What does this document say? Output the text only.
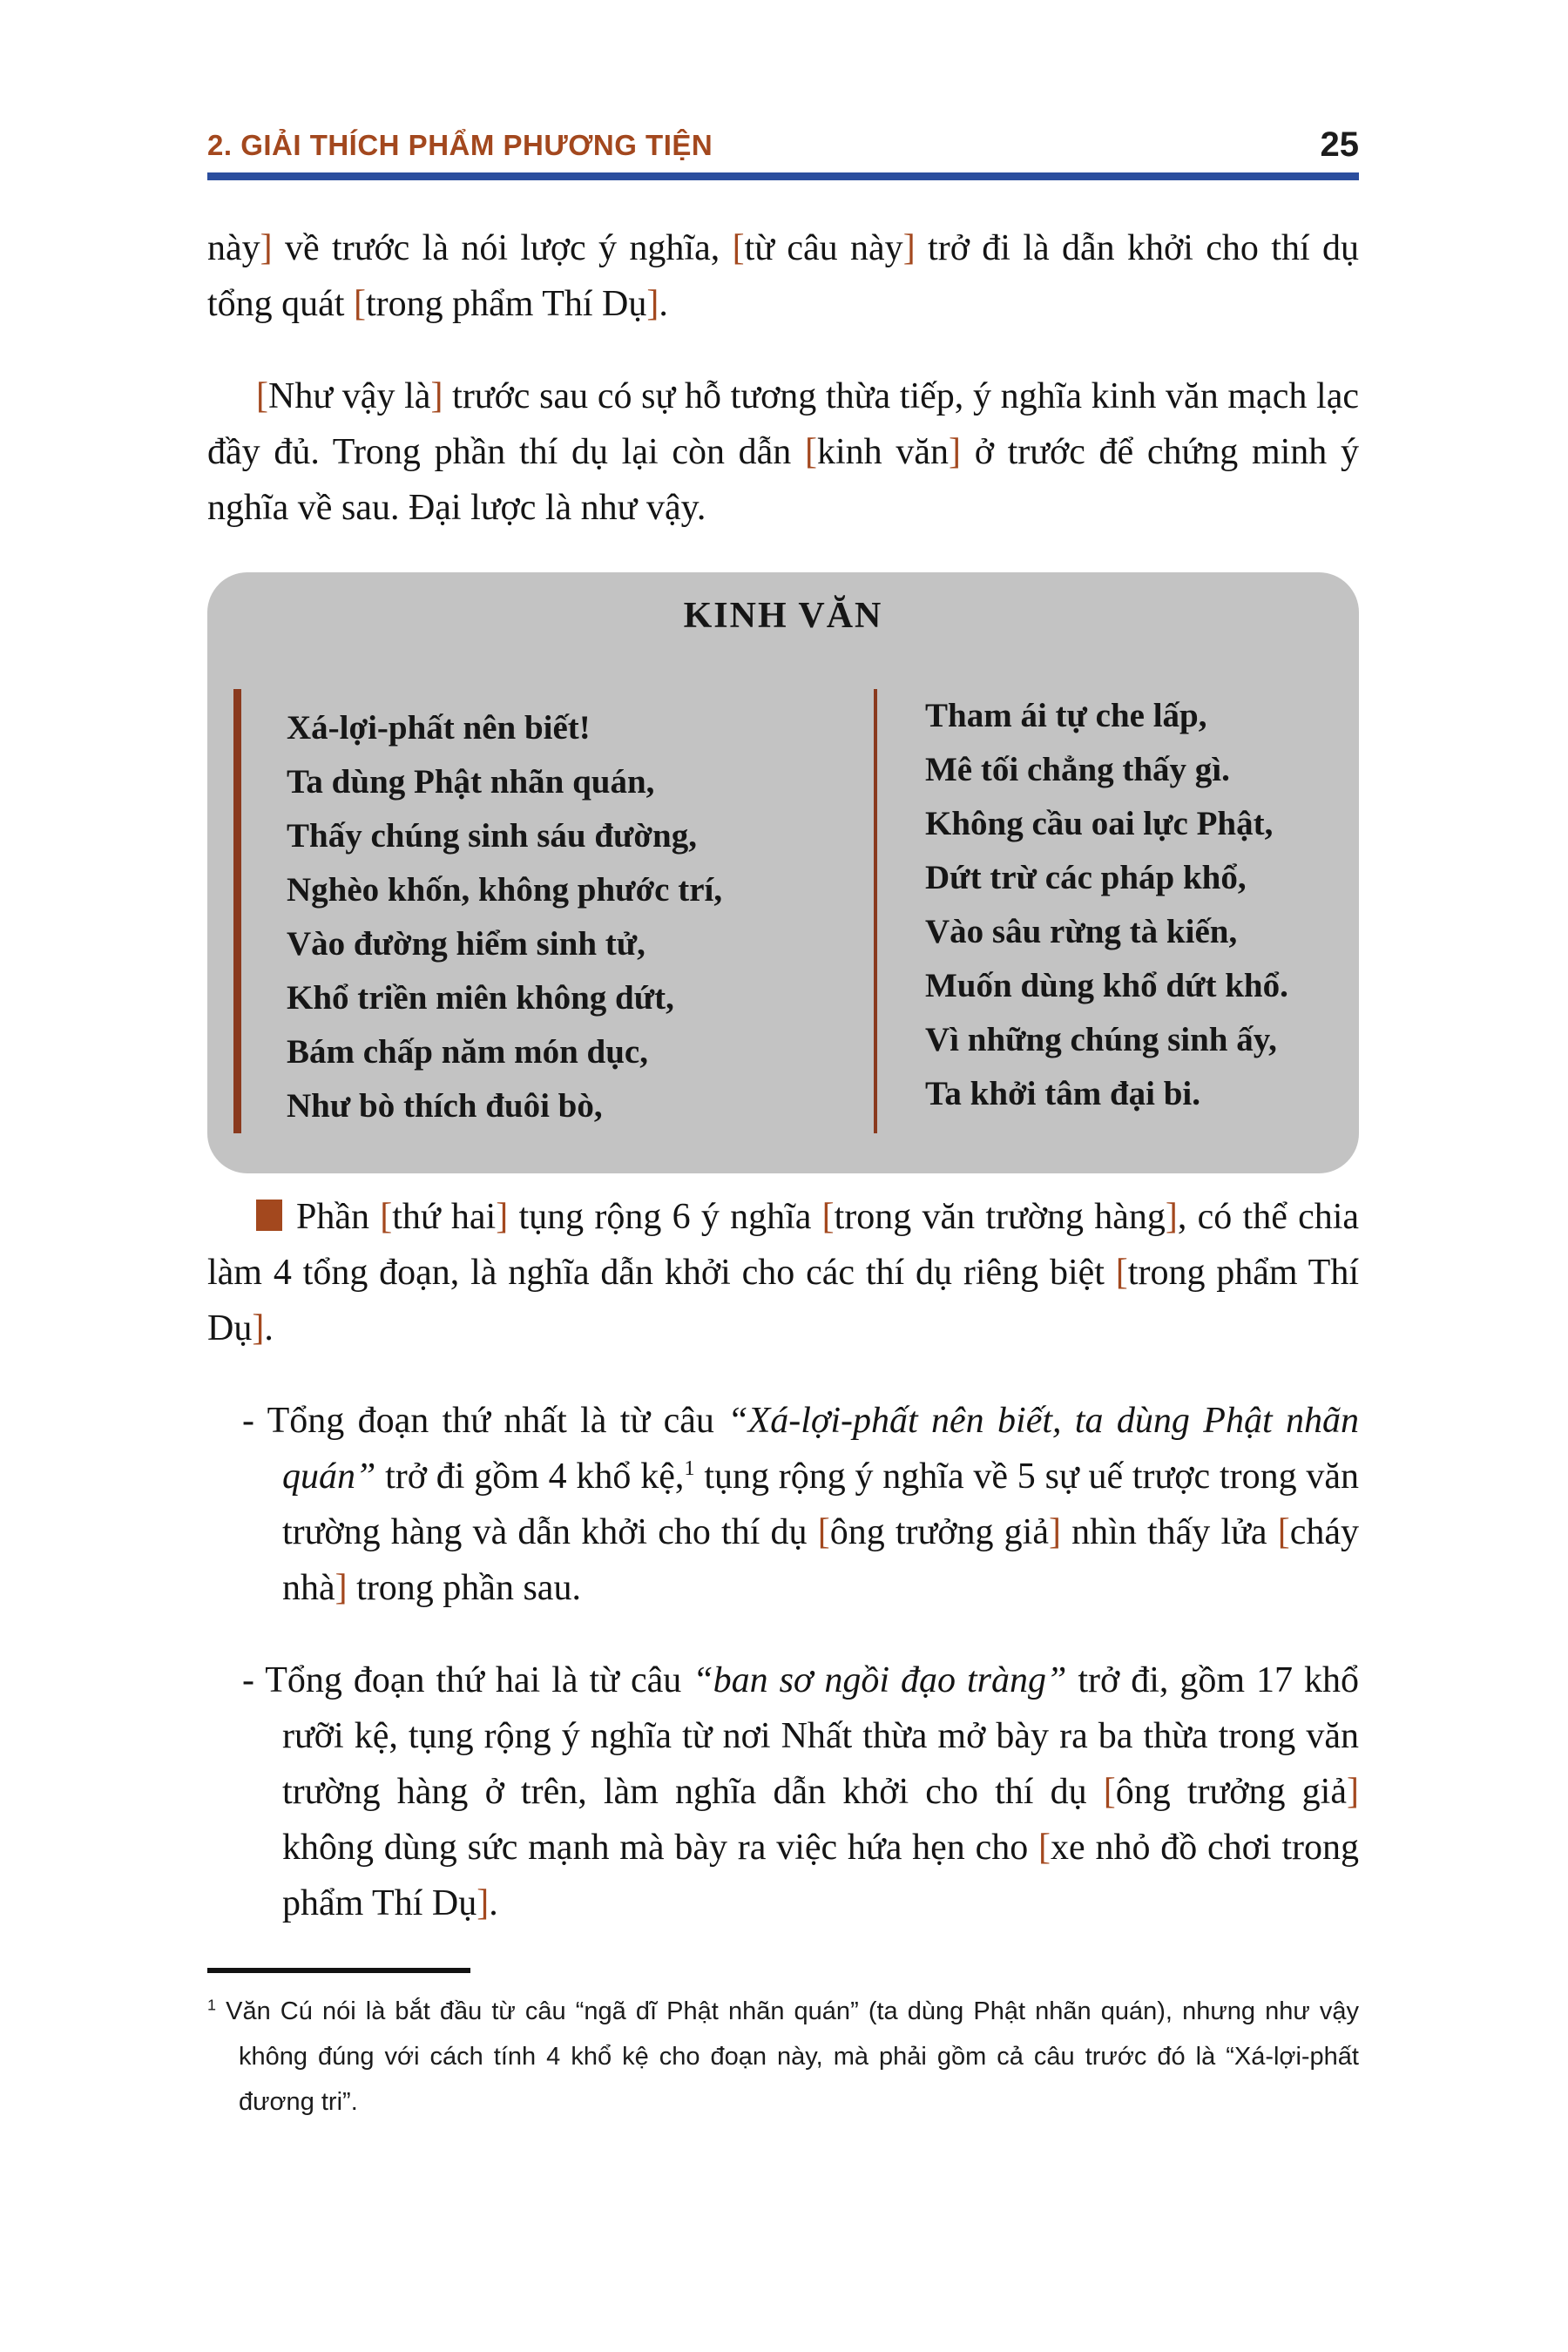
2. GIẢI THÍCH PHẨM PHƯƠNG TIỆN	25

này] về trước là nói lược ý nghĩa, [từ câu này] trở đi là dẫn khởi cho thí dụ tổng quát [trong phẩm Thí Dụ].

[Như vậy là] trước sau có sự hỗ tương thừa tiếp, ý nghĩa kinh văn mạch lạc đầy đủ. Trong phần thí dụ lại còn dẫn [kinh văn] ở trước để chứng minh ý nghĩa về sau. Đại lược là như vậy.

KINH VĂN
Xá-lợi-phất nên biết!
Ta dùng Phật nhãn quán,
Thấy chúng sinh sáu đường,
Nghèo khốn, không phước trí,
Vào đường hiểm sinh tử,
Khổ triền miên không dứt,
Bám chấp năm món dục,
Như bò thích đuôi bò,
Tham ái tự che lấp,
Mê tối chẳng thấy gì.
Không cầu oai lực Phật,
Dứt trừ các pháp khổ,
Vào sâu rừng tà kiến,
Muốn dùng khổ dứt khổ.
Vì những chúng sinh ấy,
Ta khởi tâm đại bi.

Phần [thứ hai] tụng rộng 6 ý nghĩa [trong văn trường hàng], có thể chia làm 4 tổng đoạn, là nghĩa dẫn khởi cho các thí dụ riêng biệt [trong phẩm Thí Dụ].

- Tổng đoạn thứ nhất là từ câu “Xá-lợi-phất nên biết, ta dùng Phật nhãn quán” trở đi gồm 4 khổ kệ,$^1$ tụng rộng ý nghĩa về 5 sự uế trược trong văn trường hàng và dẫn khởi cho thí dụ [ông trưởng giả] nhìn thấy lửa [cháy nhà] trong phần sau.

- Tổng đoạn thứ hai là từ câu “ban sơ ngồi đạo tràng” trở đi, gồm 17 khổ rưỡi kệ, tụng rộng ý nghĩa từ nơi Nhất thừa mở bày ra ba thừa trong văn trường hàng ở trên, làm nghĩa dẫn khởi cho thí dụ [ông trưởng giả] không dùng sức mạnh mà bày ra việc hứa hẹn cho [xe nhỏ đồ chơi trong phẩm Thí Dụ].

$^1$ Văn Cú nói là bắt đầu từ câu “ngã dĩ Phật nhãn quán” (ta dùng Phật nhãn quán), nhưng như vậy không đúng với cách tính 4 khổ kệ cho đoạn này, mà phải gồm cả câu trước đó là “Xá-lợi-phất đương tri”.
